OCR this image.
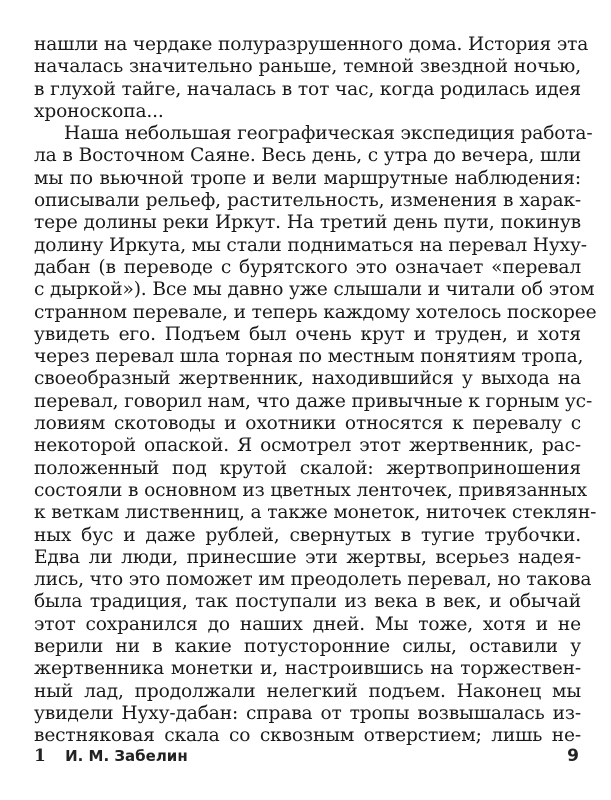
нашли на чердаке полуразрушенного дома. История эта
началась значительно раньше, темной звездной ночью,
в глухой тайге, началась в тот час, когда родилась идея
хроноскопа...
Наша небольшая географическая экспедиция работа-
ла в Восточном Саяне. Весь день, с утра до вечера, шли
мы по вьючной тропе и вели маршрутные наблюдения:
описывали рельеф, растительность, изменения в харак-
тере долины реки Иркут. На третий день пути, покинув
долину Иркута, мы стали подниматься на перевал Нуху-
дабан (в переводе с бурятского это означает «перевал
с дыркой»). Все мы давно уже слышали и читали об этом
странном перевале, и теперь каждому хотелось поскорее
увидеть его. Подъем был очень крут и труден, и хотя
через перевал шла торная по местным понятиям тропа,
своеобразный жертвенник, находившийся у выхода на
перевал, говорил нам, что даже привычные к горным ус-
ловиям скотоводы и охотники относятся к перевалу с
некоторой опаской. Я осмотрел этот жертвенник, рас-
положенный под крутой скалой: жертвоприношения
состояли в основном из цветных ленточек, привязанных
к веткам лиственниц, а также монеток, ниточек стеклян-
ных бус и даже рублей, свернутых в тугие трубочки.
Едва ли люди, принесшие эти жертвы, всерьез надея-
лись, что это поможет им преодолеть перевал, но такова
была традиция, так поступали из века в век, и обычай
этот сохранился до наших дней. Мы тоже, хотя и не
верили ни в какие потусторонние силы, оставили у
жертвенника монетки и, настроившись на торжествен-
ный лад, продолжали нелегкий подъем. Наконец мы
увидели Нуху-дабан: справа от тропы возвышалась из-
вестняковая скала со сквозным отверстием; лишь не-
1 И. М. Забелин	9
